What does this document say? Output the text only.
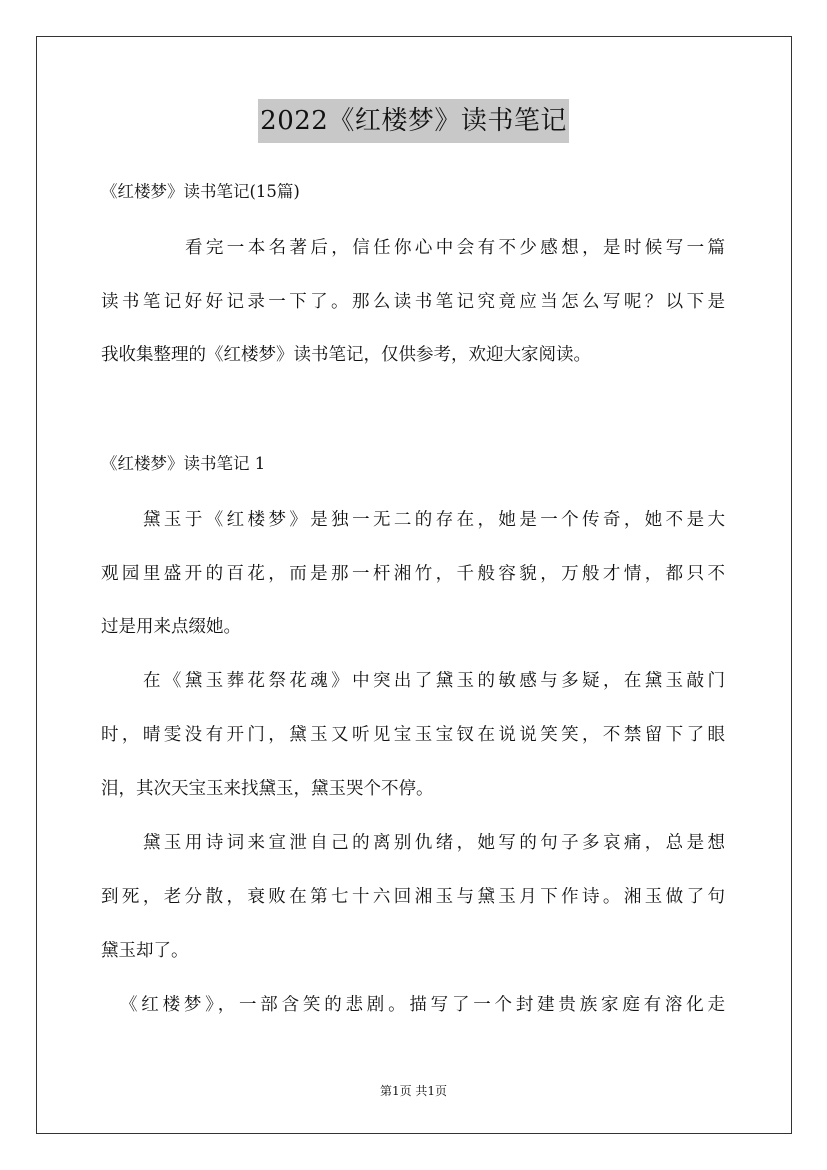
2022《红楼梦》读书笔记
《红楼梦》读书笔记(15篇)
看完一本名著后，信任你心中会有不少感想，是时候写一篇
读书笔记好好记录一下了。那么读书笔记究竟应当怎么写呢？以下是
我收集整理的《红楼梦》读书笔记，仅供参考，欢迎大家阅读。
《红楼梦》读书笔记 1
黛玉于《红楼梦》是独一无二的存在，她是一个传奇，她不是大
观园里盛开的百花，而是那一杆湘竹，千般容貌，万般才情，都只不
过是用来点缀她。
在《黛玉葬花祭花魂》中突出了黛玉的敏感与多疑，在黛玉敲门
时，晴雯没有开门，黛玉又听见宝玉宝钗在说说笑笑，不禁留下了眼
泪，其次天宝玉来找黛玉，黛玉哭个不停。
黛玉用诗词来宣泄自己的离别仇绪，她写的句子多哀痛，总是想
到死，老分散，衰败在第七十六回湘玉与黛玉月下作诗。湘玉做了句
黛玉却了。
《红楼梦》，一部含笑的悲剧。描写了一个封建贵族家庭有溶化走
第1页 共1页
